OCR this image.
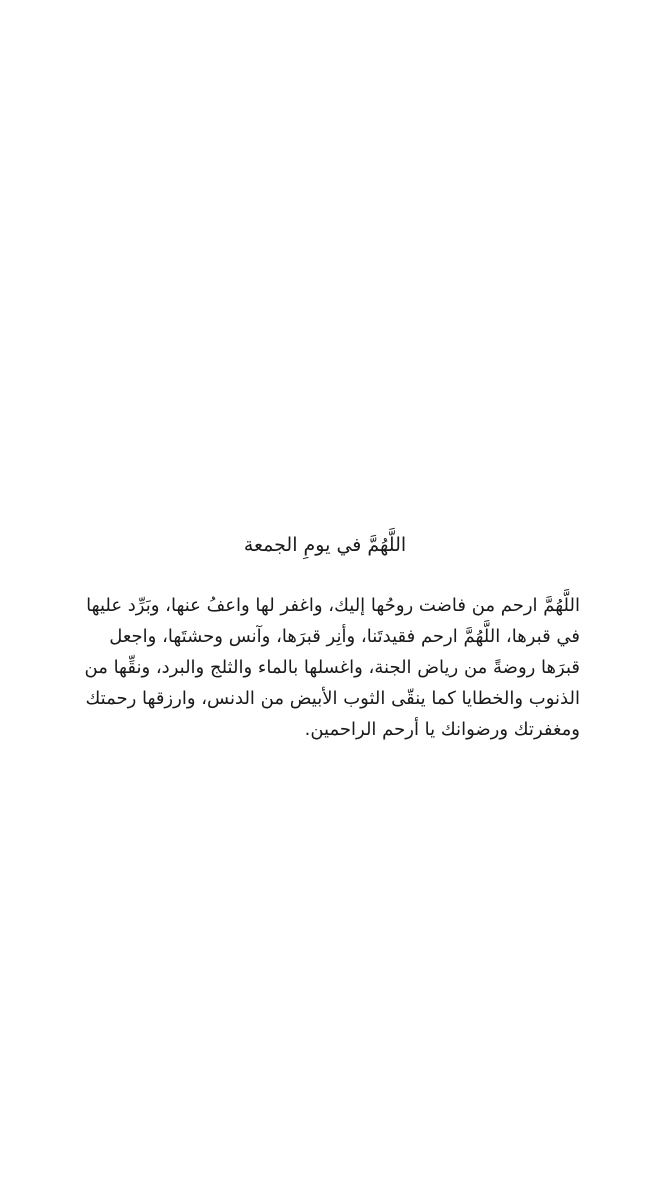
اللَّهُمَّ في يومِ الجمعة

اللَّهُمَّ ارحم من فاضت روحُها إليك، واغفر لها واعفُ عنها، وبَرِّد عليها في قبرها، اللَّهُمَّ ارحم فقيدتَنا، وأنِر قبرَها، وآنس وحشتَها، واجعل قبرَها روضةً من رياض الجنة، واغسلها بالماء والثلج والبرد، ونقِّها من الذنوب والخطايا كما ينقّى الثوب الأبيض من الدنس، وارزقها رحمتك ومغفرتك ورضوانك يا أرحم الراحمين.
